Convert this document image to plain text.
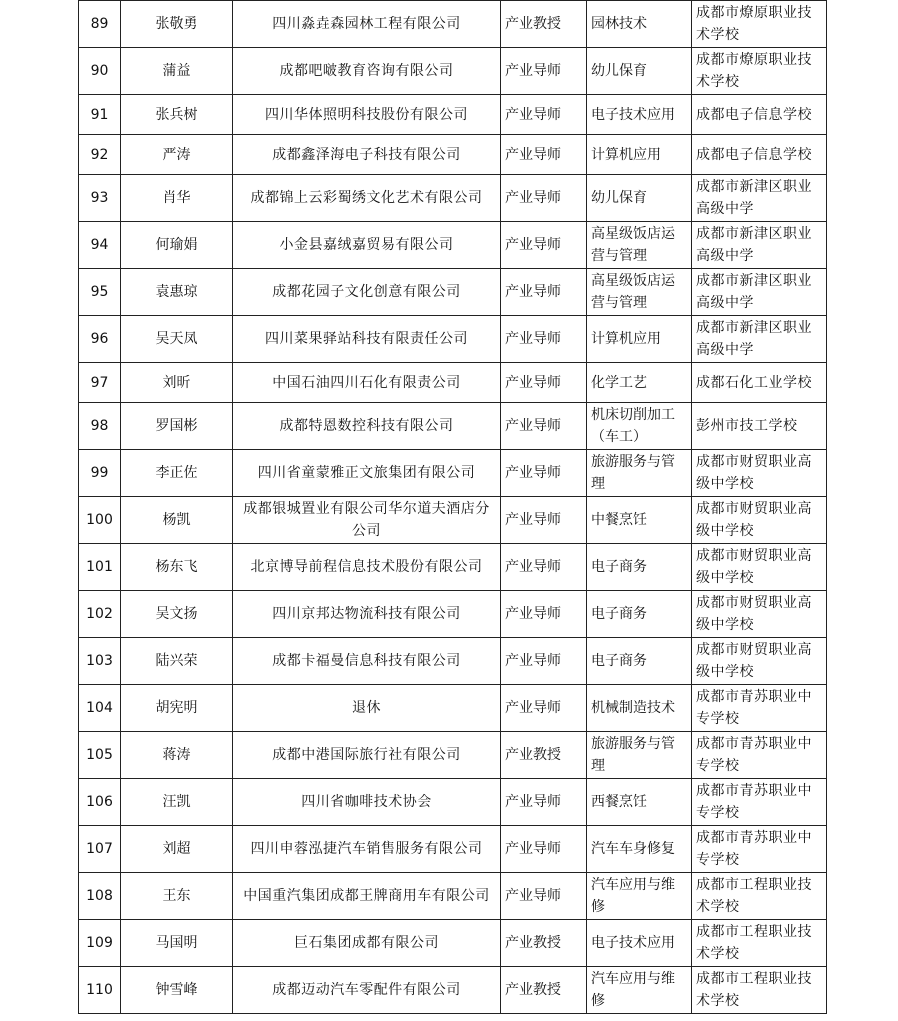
89	张敬勇	四川淼垚森园林工程有限公司	产业教授	园林技术	成都市燎原职业技术学校
90	蒲益	成都吧啵教育咨询有限公司	产业导师	幼儿保育	成都市燎原职业技术学校
91	张兵树	四川华体照明科技股份有限公司	产业导师	电子技术应用	成都电子信息学校
92	严涛	成都鑫泽海电子科技有限公司	产业导师	计算机应用	成都电子信息学校
93	肖华	成都锦上云彩蜀绣文化艺术有限公司	产业导师	幼儿保育	成都市新津区职业高级中学
94	何瑜娟	小金县嘉绒嘉贸易有限公司	产业导师	高星级饭店运营与管理	成都市新津区职业高级中学
95	袁惠琼	成都花园子文化创意有限公司	产业导师	高星级饭店运营与管理	成都市新津区职业高级中学
96	吴天凤	四川菜果驿站科技有限责任公司	产业导师	计算机应用	成都市新津区职业高级中学
97	刘昕	中国石油四川石化有限责公司	产业导师	化学工艺	成都石化工业学校
98	罗国彬	成都特恩数控科技有限公司	产业导师	机床切削加工（车工）	彭州市技工学校
99	李正佐	四川省童蒙雅正文旅集团有限公司	产业导师	旅游服务与管理	成都市财贸职业高级中学校
100	杨凯	成都银城置业有限公司华尔道夫酒店分公司	产业导师	中餐烹饪	成都市财贸职业高级中学校
101	杨东飞	北京博导前程信息技术股份有限公司	产业导师	电子商务	成都市财贸职业高级中学校
102	吴文扬	四川京邦达物流科技有限公司	产业导师	电子商务	成都市财贸职业高级中学校
103	陆兴荣	成都卡福曼信息科技有限公司	产业导师	电子商务	成都市财贸职业高级中学校
104	胡宪明	退休	产业导师	机械制造技术	成都市青苏职业中专学校
105	蒋涛	成都中港国际旅行社有限公司	产业教授	旅游服务与管理	成都市青苏职业中专学校
106	汪凯	四川省咖啡技术协会	产业导师	西餐烹饪	成都市青苏职业中专学校
107	刘超	四川申蓉泓捷汽车销售服务有限公司	产业导师	汽车车身修复	成都市青苏职业中专学校
108	王东	中国重汽集团成都王牌商用车有限公司	产业导师	汽车应用与维修	成都市工程职业技术学校
109	马国明	巨石集团成都有限公司	产业教授	电子技术应用	成都市工程职业技术学校
110	钟雪峰	成都迈动汽车零配件有限公司	产业教授	汽车应用与维修	成都市工程职业技术学校
